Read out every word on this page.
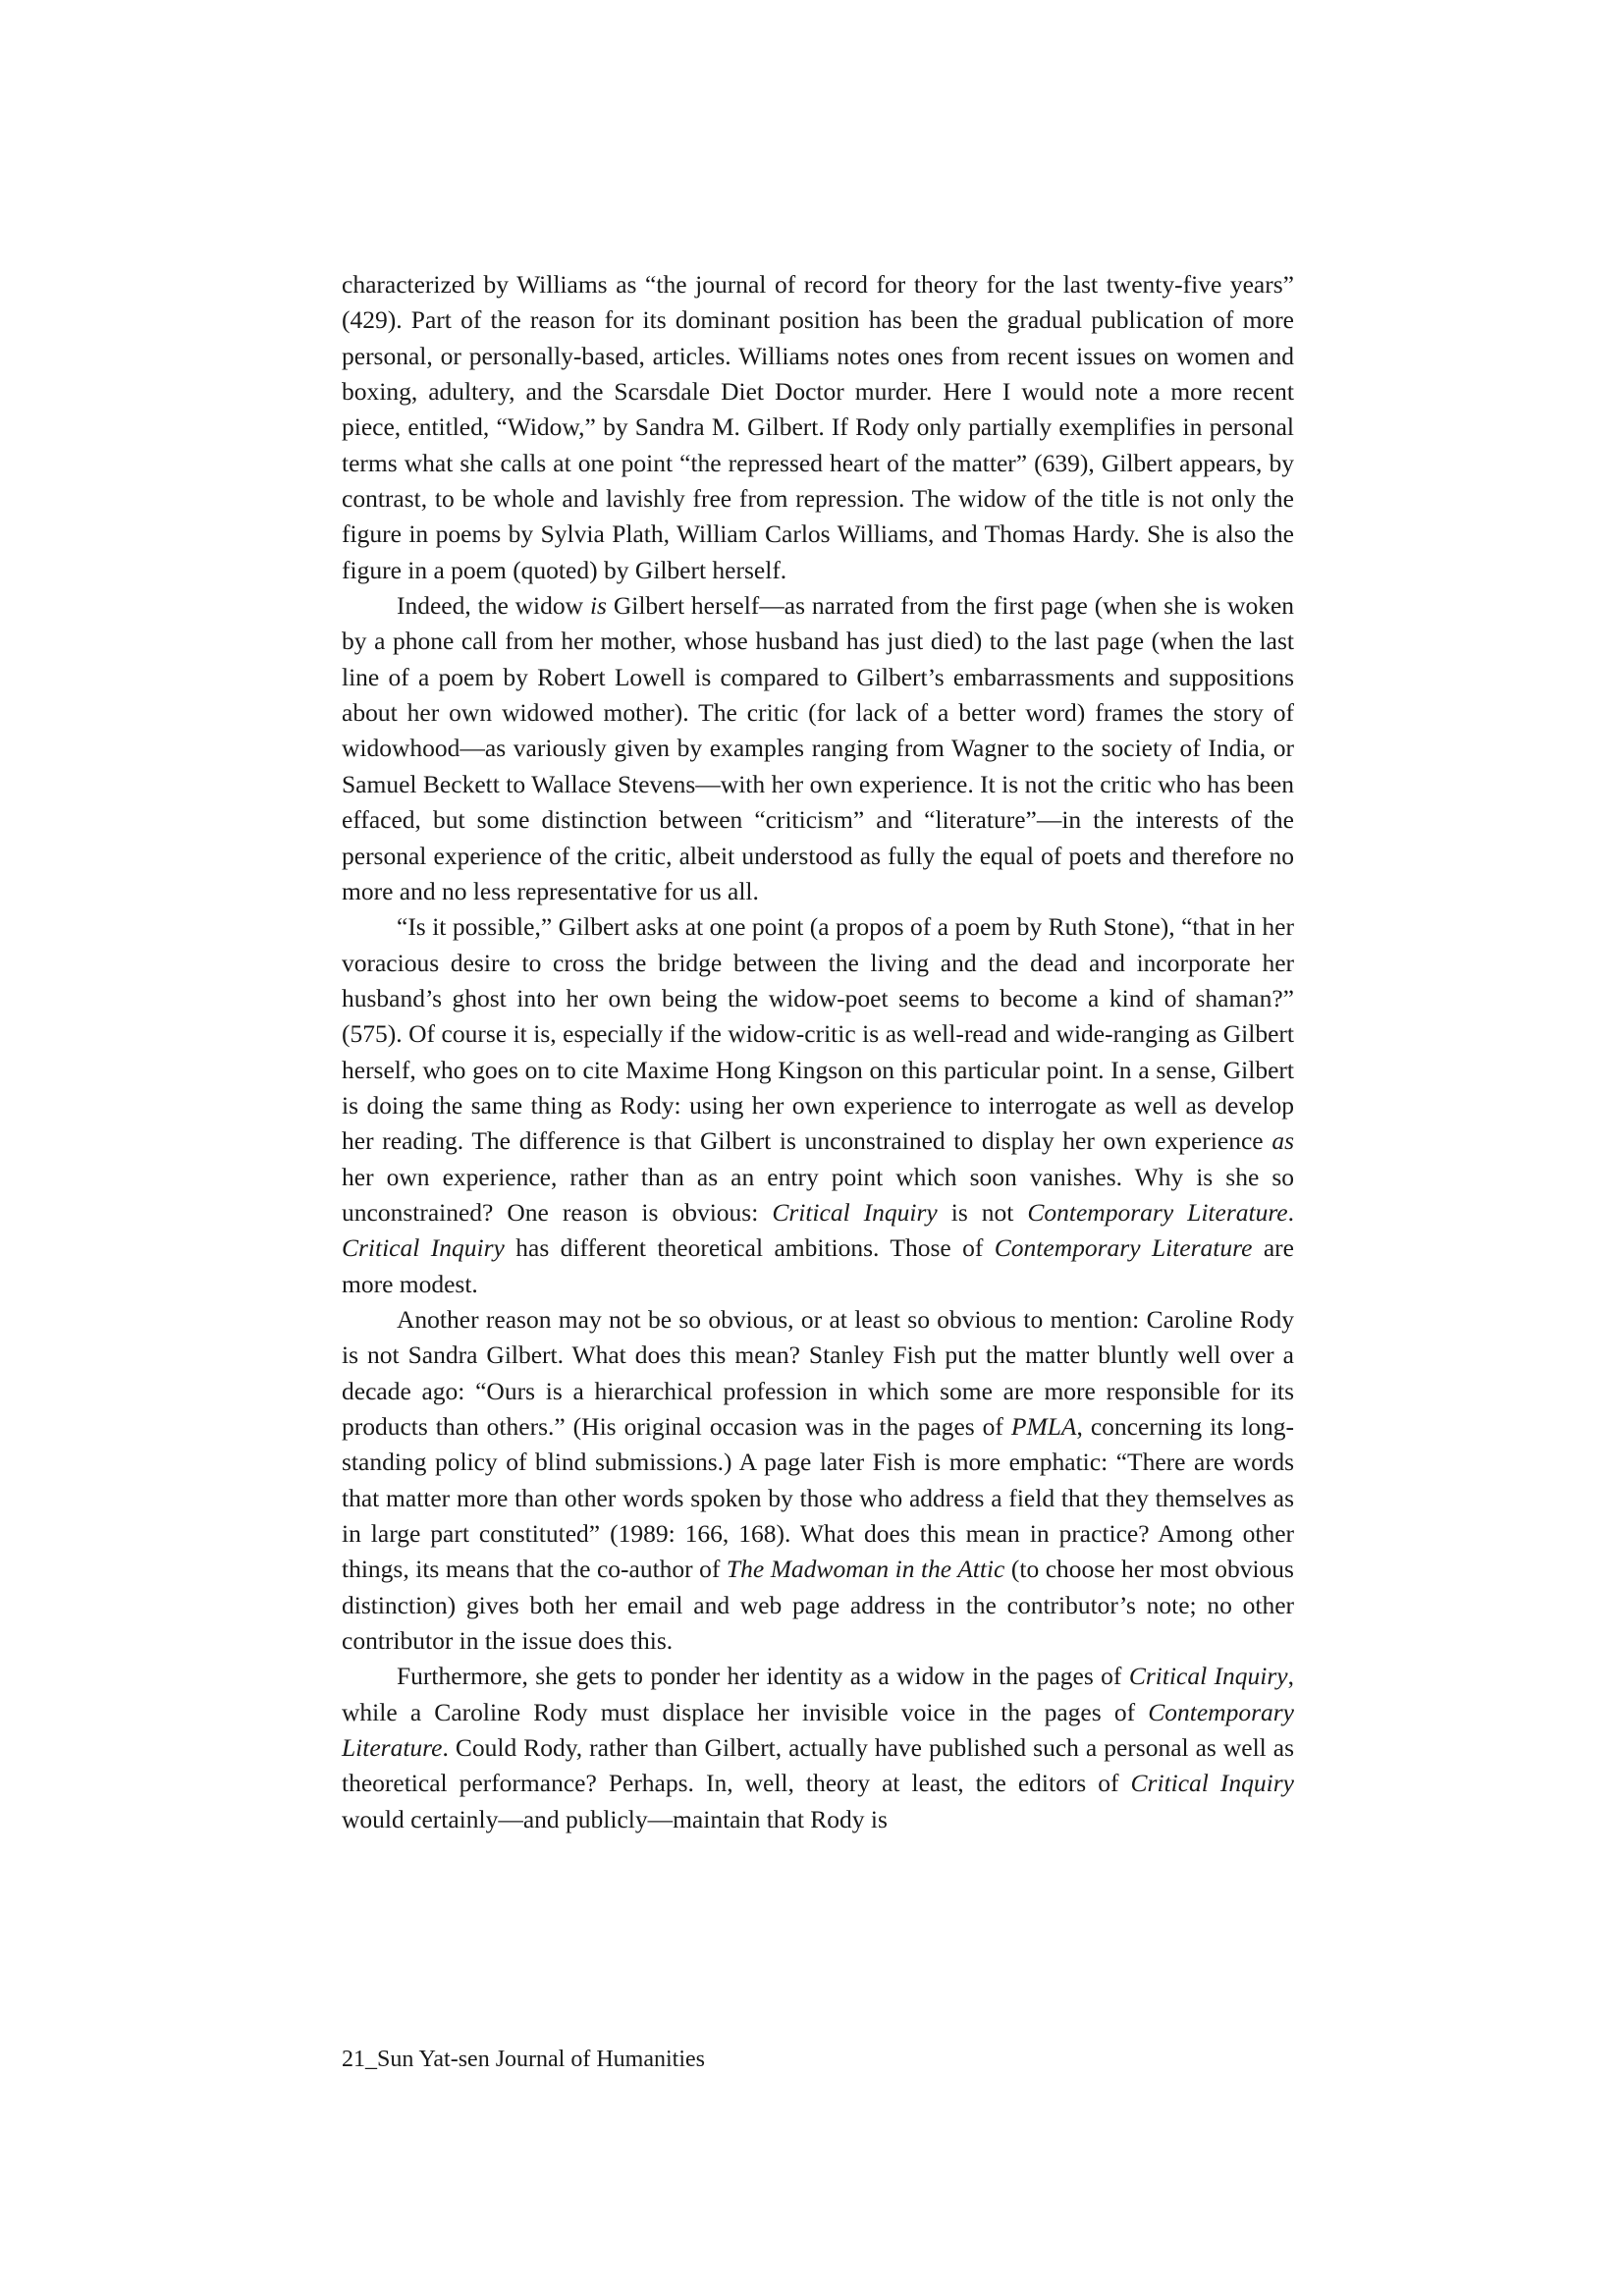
characterized by Williams as “the journal of record for theory for the last twenty-five years” (429). Part of the reason for its dominant position has been the gradual publication of more personal, or personally-based, articles. Williams notes ones from recent issues on women and boxing, adultery, and the Scarsdale Diet Doctor murder. Here I would note a more recent piece, entitled, “Widow,” by Sandra M. Gilbert. If Rody only partially exemplifies in personal terms what she calls at one point “the repressed heart of the matter” (639), Gilbert appears, by contrast, to be whole and lavishly free from repression. The widow of the title is not only the figure in poems by Sylvia Plath, William Carlos Williams, and Thomas Hardy. She is also the figure in a poem (quoted) by Gilbert herself.

Indeed, the widow is Gilbert herself—as narrated from the first page (when she is woken by a phone call from her mother, whose husband has just died) to the last page (when the last line of a poem by Robert Lowell is compared to Gilbert’s embarrassments and suppositions about her own widowed mother). The critic (for lack of a better word) frames the story of widowhood—as variously given by examples ranging from Wagner to the society of India, or Samuel Beckett to Wallace Stevens—with her own experience. It is not the critic who has been effaced, but some distinction between “criticism” and “literature”—in the interests of the personal experience of the critic, albeit understood as fully the equal of poets and therefore no more and no less representative for us all.

“Is it possible,” Gilbert asks at one point (a propos of a poem by Ruth Stone), “that in her voracious desire to cross the bridge between the living and the dead and incorporate her husband’s ghost into her own being the widow-poet seems to become a kind of shaman?” (575). Of course it is, especially if the widow-critic is as well-read and wide-ranging as Gilbert herself, who goes on to cite Maxime Hong Kingson on this particular point. In a sense, Gilbert is doing the same thing as Rody: using her own experience to interrogate as well as develop her reading. The difference is that Gilbert is unconstrained to display her own experience as her own experience, rather than as an entry point which soon vanishes. Why is she so unconstrained? One reason is obvious: Critical Inquiry is not Contemporary Literature. Critical Inquiry has different theoretical ambitions. Those of Contemporary Literature are more modest.

Another reason may not be so obvious, or at least so obvious to mention: Caroline Rody is not Sandra Gilbert. What does this mean? Stanley Fish put the matter bluntly well over a decade ago: “Ours is a hierarchical profession in which some are more responsible for its products than others.” (His original occasion was in the pages of PMLA, concerning its long-standing policy of blind submissions.) A page later Fish is more emphatic: “There are words that matter more than other words spoken by those who address a field that they themselves as in large part constituted” (1989: 166, 168). What does this mean in practice? Among other things, its means that the co-author of The Madwoman in the Attic (to choose her most obvious distinction) gives both her email and web page address in the contributor’s note; no other contributor in the issue does this.

Furthermore, she gets to ponder her identity as a widow in the pages of Critical Inquiry, while a Caroline Rody must displace her invisible voice in the pages of Contemporary Literature. Could Rody, rather than Gilbert, actually have published such a personal as well as theoretical performance? Perhaps. In, well, theory at least, the editors of Critical Inquiry would certainly—and publicly—maintain that Rody is

21_Sun Yat-sen Journal of Humanities
